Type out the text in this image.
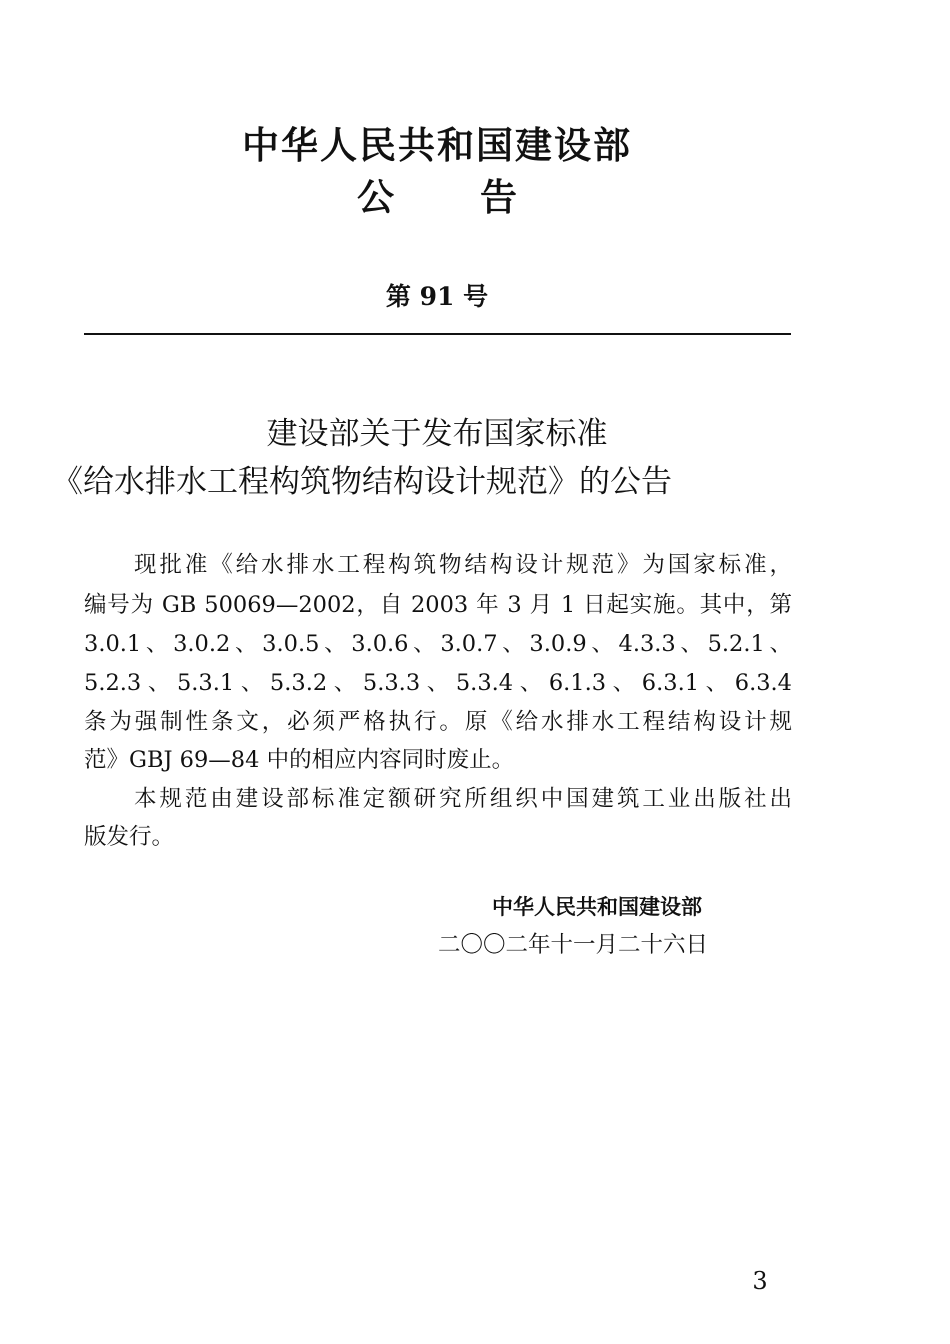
中华人民共和国建设部
公 告
第 91 号
建设部关于发布国家标准
《给水排水工程构筑物结构设计规范》的公告
现批准《给水排水工程构筑物结构设计规范》为国家标准，
编号为 GB 50069—2002，自 2003 年 3 月 1 日起实施。其中，第
3.0.1、3.0.2、3.0.5、3.0.6、3.0.7、3.0.9、4.3.3、5.2.1、
5.2.3、5.3.1、5.3.2、5.3.3、5.3.4、6.1.3、6.3.1、6.3.4
条为强制性条文，必须严格执行。原《给水排水工程结构设计规
范》GBJ 69—84 中的相应内容同时废止。
本规范由建设部标准定额研究所组织中国建筑工业出版社出
版发行。
中华人民共和国建设部
二〇〇二年十一月二十六日
3
